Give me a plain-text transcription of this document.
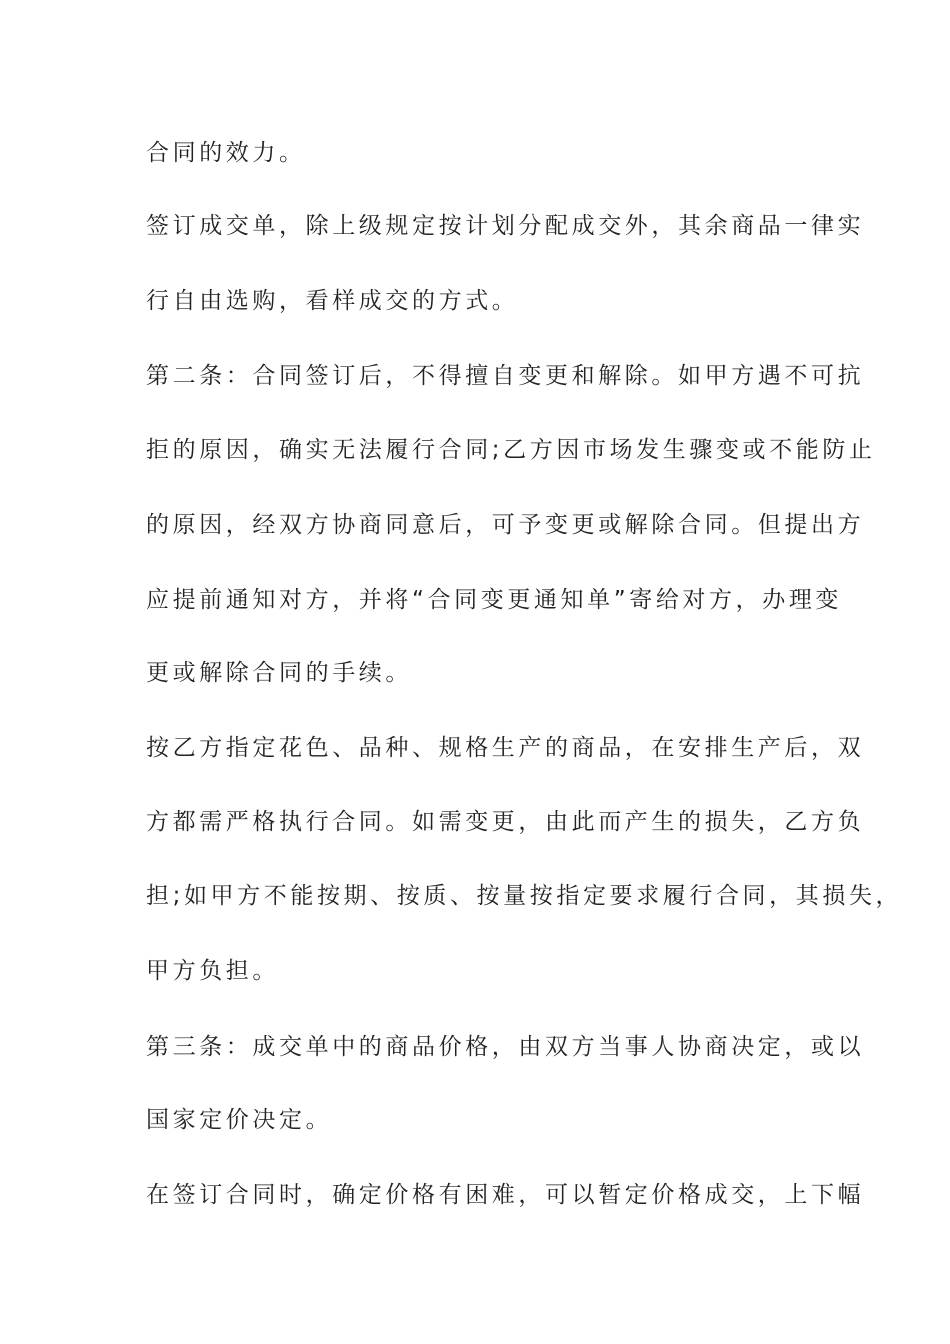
合同的效力。

签订成交单，除上级规定按计划分配成交外，其余商品一律实

行自由选购，看样成交的方式。

第二条：合同签订后，不得擅自变更和解除。如甲方遇不可抗

拒的原因，确实无法履行合同;乙方因市场发生骤变或不能防止

的原因，经双方协商同意后，可予变更或解除合同。但提出方

应提前通知对方，并将“合同变更通知单”寄给对方，办理变

更或解除合同的手续。

按乙方指定花色、品种、规格生产的商品，在安排生产后，双

方都需严格执行合同。如需变更，由此而产生的损失，乙方负

担;如甲方不能按期、按质、按量按指定要求履行合同，其损失，

甲方负担。

第三条：成交单中的商品价格，由双方当事人协商决定，或以

国家定价决定。

在签订合同时，确定价格有困难，可以暂定价格成交，上下幅
